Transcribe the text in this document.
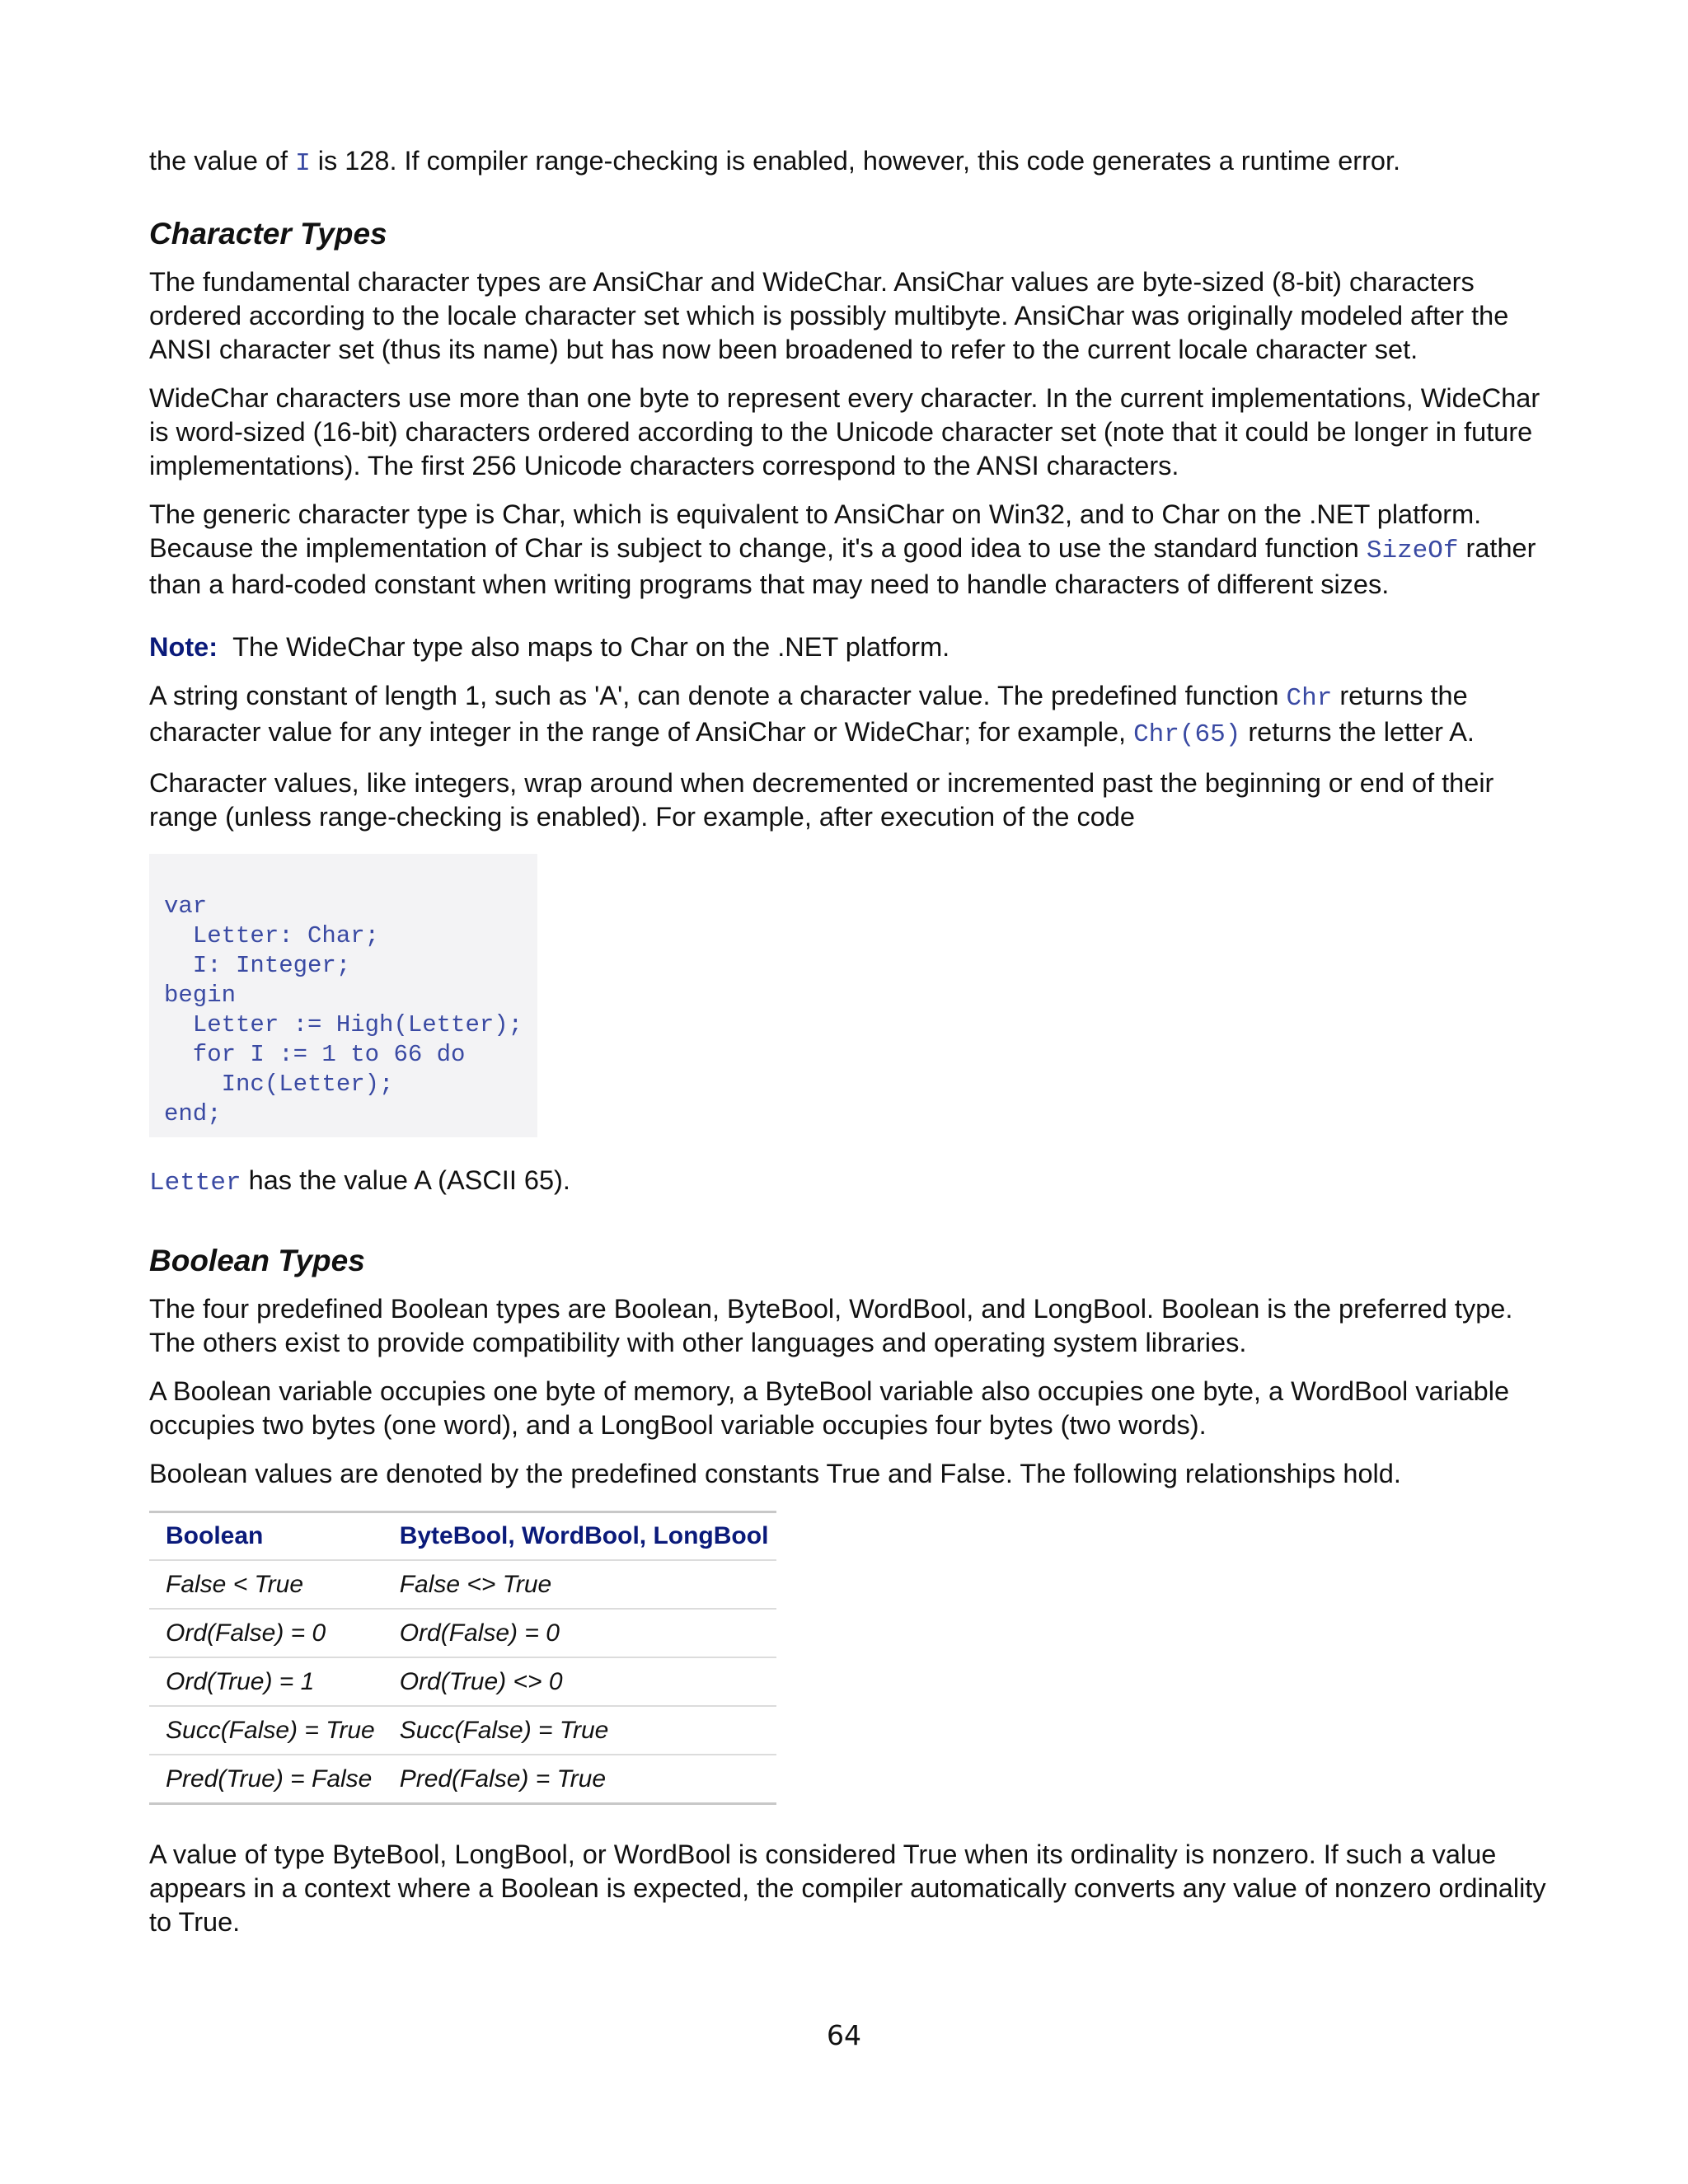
the value of I is 128. If compiler range-checking is enabled, however, this code generates a runtime error.

Character Types

The fundamental character types are AnsiChar and WideChar. AnsiChar values are byte-sized (8-bit) characters ordered according to the locale character set which is possibly multibyte. AnsiChar was originally modeled after the ANSI character set (thus its name) but has now been broadened to refer to the current locale character set.

WideChar characters use more than one byte to represent every character. In the current implementations, WideChar is word-sized (16-bit) characters ordered according to the Unicode character set (note that it could be longer in future implementations). The first 256 Unicode characters correspond to the ANSI characters.

The generic character type is Char, which is equivalent to AnsiChar on Win32, and to Char on the .NET platform. Because the implementation of Char is subject to change, it's a good idea to use the standard function SizeOf rather than a hard-coded constant when writing programs that may need to handle characters of different sizes.

Note: The WideChar type also maps to Char on the .NET platform.

A string constant of length 1, such as 'A', can denote a character value. The predefined function Chr returns the character value for any integer in the range of AnsiChar or WideChar; for example, Chr(65) returns the letter A.

Character values, like integers, wrap around when decremented or incremented past the beginning or end of their range (unless range-checking is enabled). For example, after execution of the code

var
Letter: Char;
I: Integer;
begin
Letter := High(Letter);
for I := 1 to 66 do
Inc(Letter);
end;

Letter has the value A (ASCII 65).

Boolean Types

The four predefined Boolean types are Boolean, ByteBool, WordBool, and LongBool. Boolean is the preferred type. The others exist to provide compatibility with other languages and operating system libraries.

A Boolean variable occupies one byte of memory, a ByteBool variable also occupies one byte, a WordBool variable occupies two bytes (one word), and a LongBool variable occupies four bytes (two words).

Boolean values are denoted by the predefined constants True and False. The following relationships hold.

Boolean	ByteBool, WordBool, LongBool
False < True	False <> True
Ord(False) = 0	Ord(False) = 0
Ord(True) = 1	Ord(True) <> 0
Succ(False) = True	Succ(False) = True
Pred(True) = False	Pred(False) = True

A value of type ByteBool, LongBool, or WordBool is considered True when its ordinality is nonzero. If such a value appears in a context where a Boolean is expected, the compiler automatically converts any value of nonzero ordinality to True.

64
